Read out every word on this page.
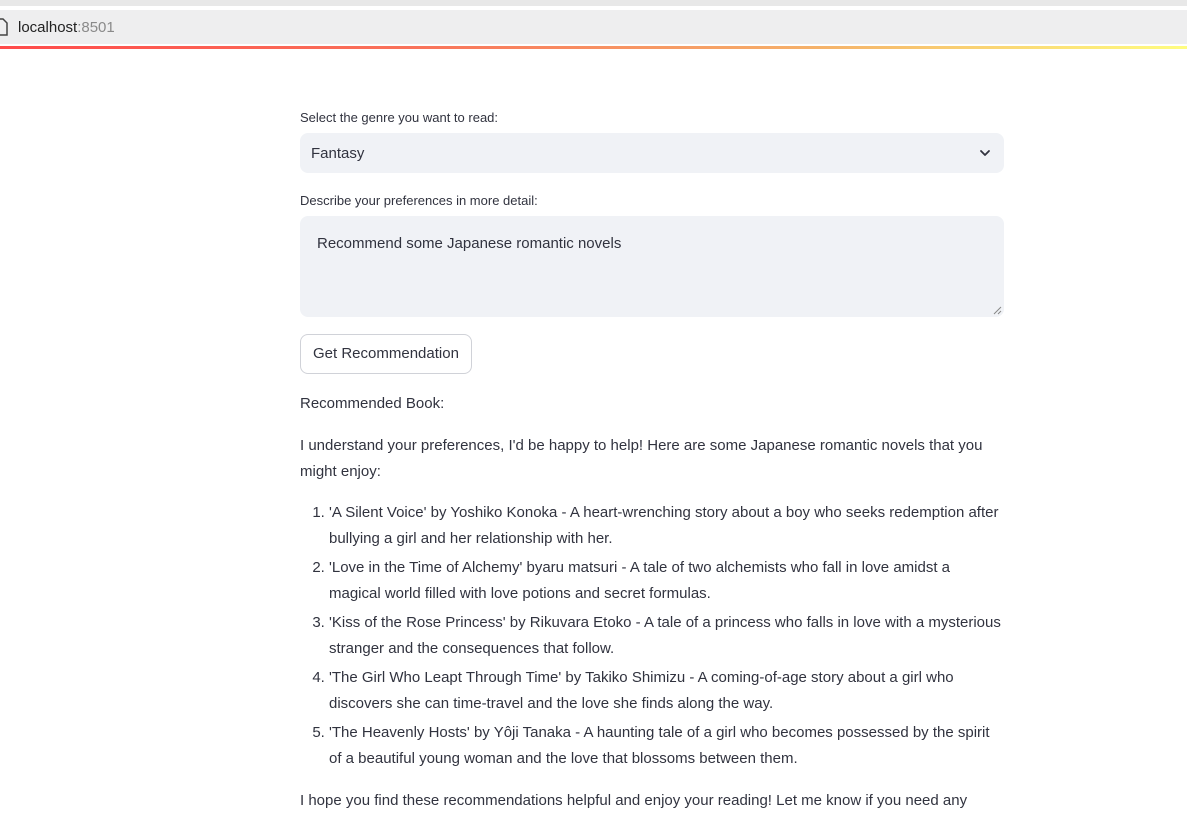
localhost:8501
Select the genre you want to read:
Fantasy
Describe your preferences in more detail:
Recommend some Japanese romantic novels
Get Recommendation

Recommended Book:

I understand your preferences, I'd be happy to help! Here are some Japanese romantic novels that you might enjoy:

1. 'A Silent Voice' by Yoshiko Konoka - A heart-wrenching story about a boy who seeks redemption after bullying a girl and her relationship with her.
2. 'Love in the Time of Alchemy' byaru matsuri - A tale of two alchemists who fall in love amidst a magical world filled with love potions and secret formulas.
3. 'Kiss of the Rose Princess' by Rikuvara Etoko - A tale of a princess who falls in love with a mysterious stranger and the consequences that follow.
4. 'The Girl Who Leapt Through Time' by Takiko Shimizu - A coming-of-age story about a girl who discovers she can time-travel and the love she finds along the way.
5. 'The Heavenly Hosts' by Yôji Tanaka - A haunting tale of a girl who becomes possessed by the spirit of a beautiful young woman and the love that blossoms between them.

I hope you find these recommendations helpful and enjoy your reading! Let me know if you need any
